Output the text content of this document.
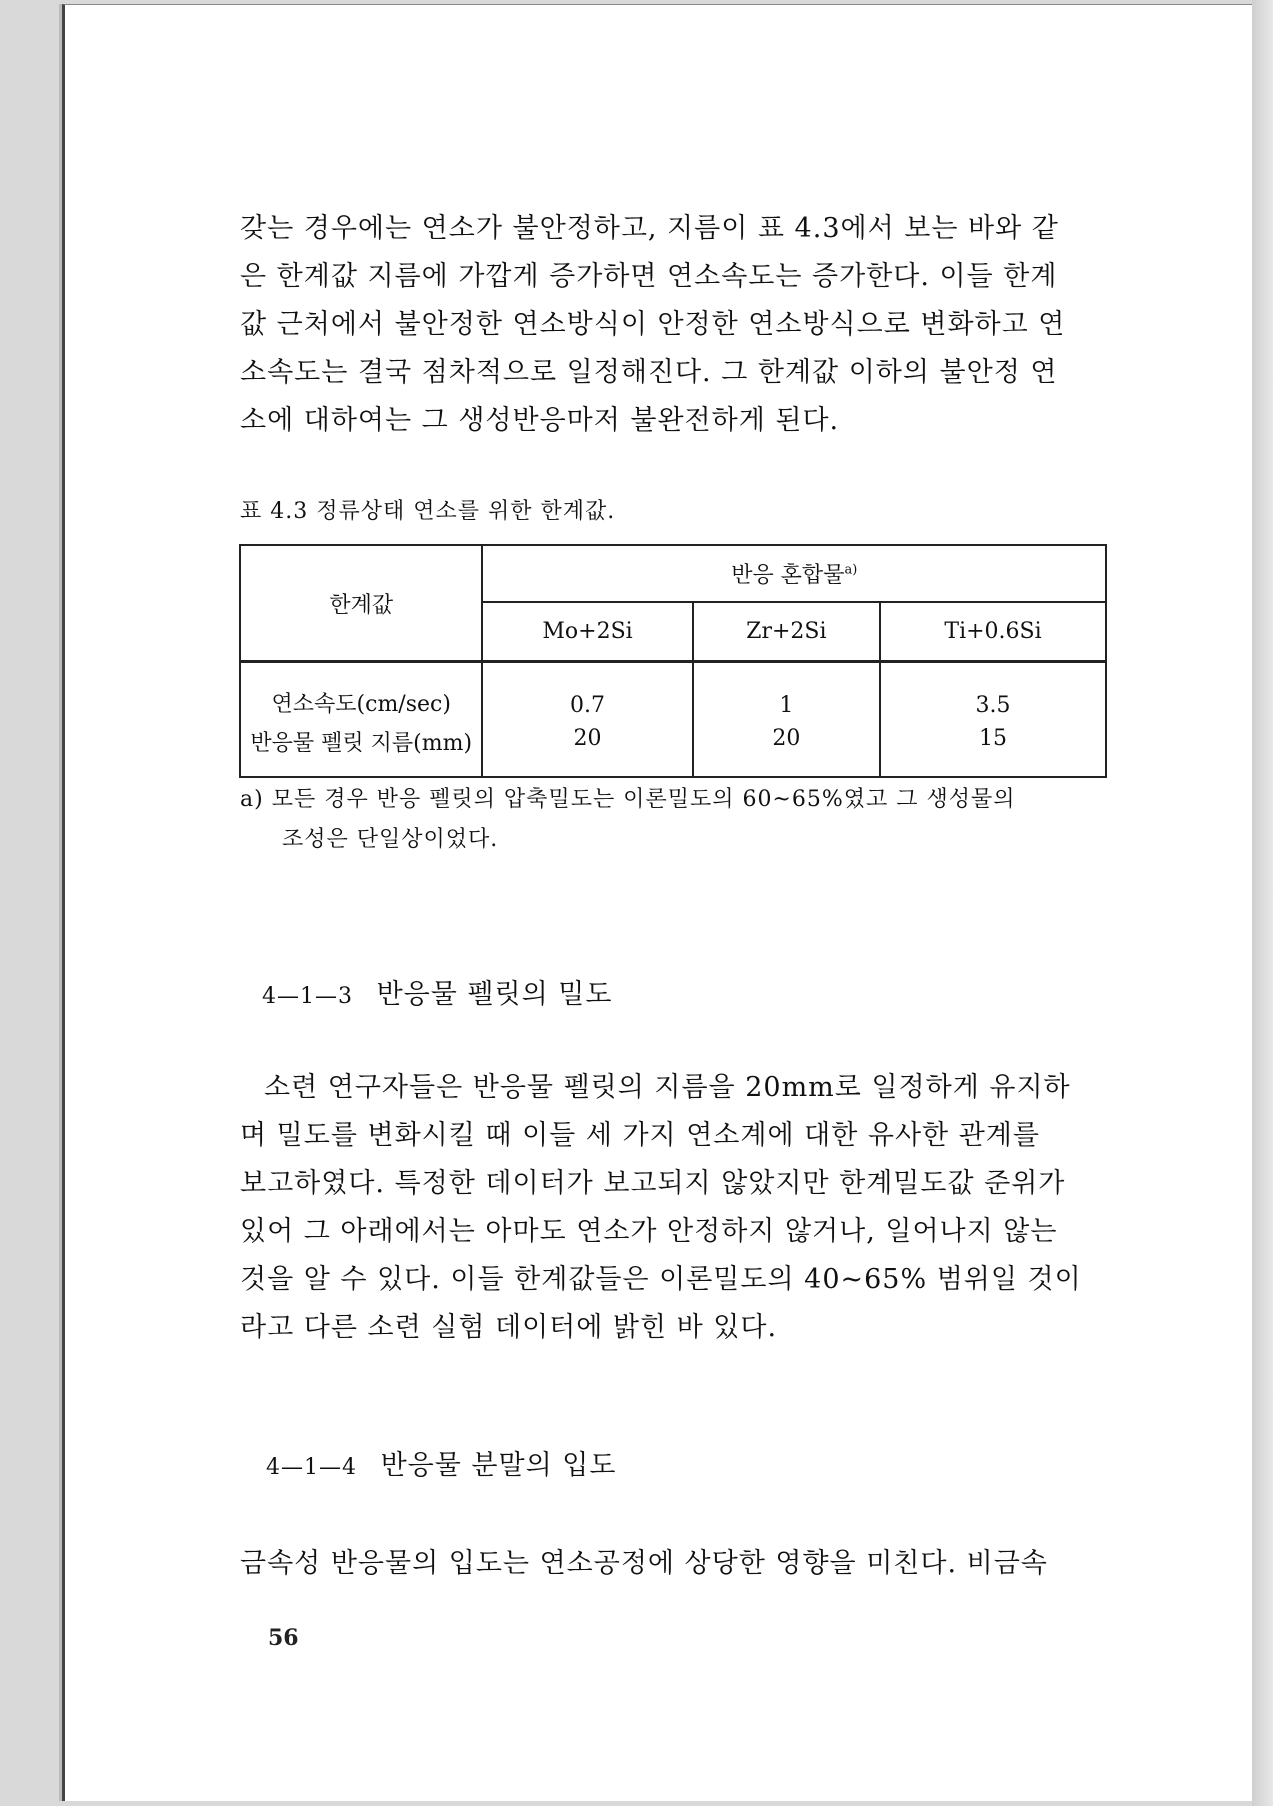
갖는 경우에는 연소가 불안정하고, 지름이 표 4.3에서 보는 바와 같
은 한계값 지름에 가깝게 증가하면 연소속도는 증가한다. 이들 한계
값 근처에서 불안정한 연소방식이 안정한 연소방식으로 변화하고 연
소속도는 결국 점차적으로 일정해진다. 그 한계값 이하의 불안정 연
소에 대하여는 그 생성반응마저 불완전하게 된다.
표 4.3 정류상태 연소를 위한 한계값.
한계값	반응 혼합물$^{a)}$
	Mo+2Si	Zr+2Si	Ti+0.6Si
연소속도(cm/sec)	0.7	1	3.5
반응물 펠릿 지름(mm)	20	20	15
a) 모든 경우 반응 펠릿의 압축밀도는 이론밀도의 60~65%였고 그 생성물의
조성은 단일상이었다.
4—1—3 반응물 펠릿의 밀도
소련 연구자들은 반응물 펠릿의 지름을 20mm로 일정하게 유지하
며 밀도를 변화시킬 때 이들 세 가지 연소계에 대한 유사한 관계를
보고하였다. 특정한 데이터가 보고되지 않았지만 한계밀도값 준위가
있어 그 아래에서는 아마도 연소가 안정하지 않거나, 일어나지 않는
것을 알 수 있다. 이들 한계값들은 이론밀도의 40~65% 범위일 것이
라고 다른 소련 실험 데이터에 밝힌 바 있다.
4—1—4 반응물 분말의 입도
금속성 반응물의 입도는 연소공정에 상당한 영향을 미친다. 비금속
56
